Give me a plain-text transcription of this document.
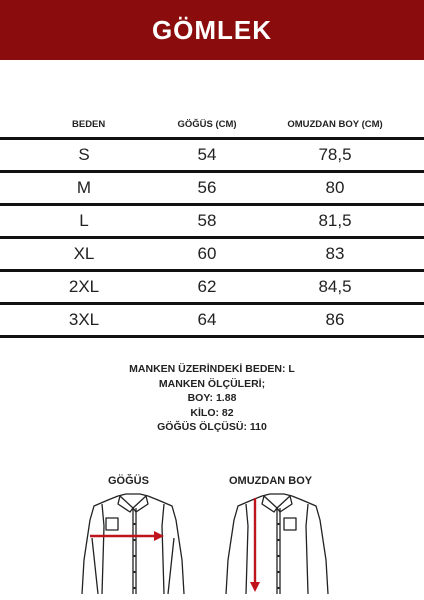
GÖMLEK
BEDEN	GÖĞÜS (CM)	OMUZDAN BOY (CM)
S	54	78,5
M	56	80
L	58	81,5
XL	60	83
2XL	62	84,5
3XL	64	86
MANKEN ÜZERİNDEKİ BEDEN: L
MANKEN ÖLÇÜLERİ;
BOY: 1.88
KİLO: 82
GÖĞÜS ÖLÇÜSÜ: 110
GÖĞÜS	OMUZDAN BOY
